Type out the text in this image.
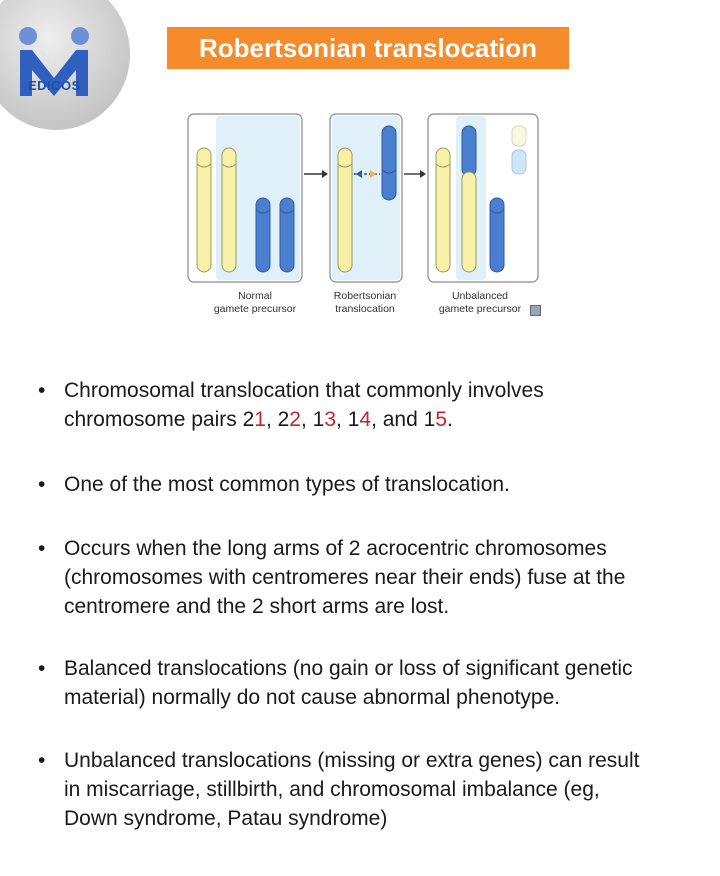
EDICOS
Robertsonian translocation
Normal
gamete precursor
Robertsonian
translocation
Unbalanced
gamete precursor
• Chromosomal translocation that commonly involves
chromosome pairs 21, 22, 13, 14, and 15.
• One of the most common types of translocation.
• Occurs when the long arms of 2 acrocentric chromosomes
(chromosomes with centromeres near their ends) fuse at the
centromere and the 2 short arms are lost.
• Balanced translocations (no gain or loss of significant genetic
material) normally do not cause abnormal phenotype.
• Unbalanced translocations (missing or extra genes) can result
in miscarriage, stillbirth, and chromosomal imbalance (eg,
Down syndrome, Patau syndrome)
